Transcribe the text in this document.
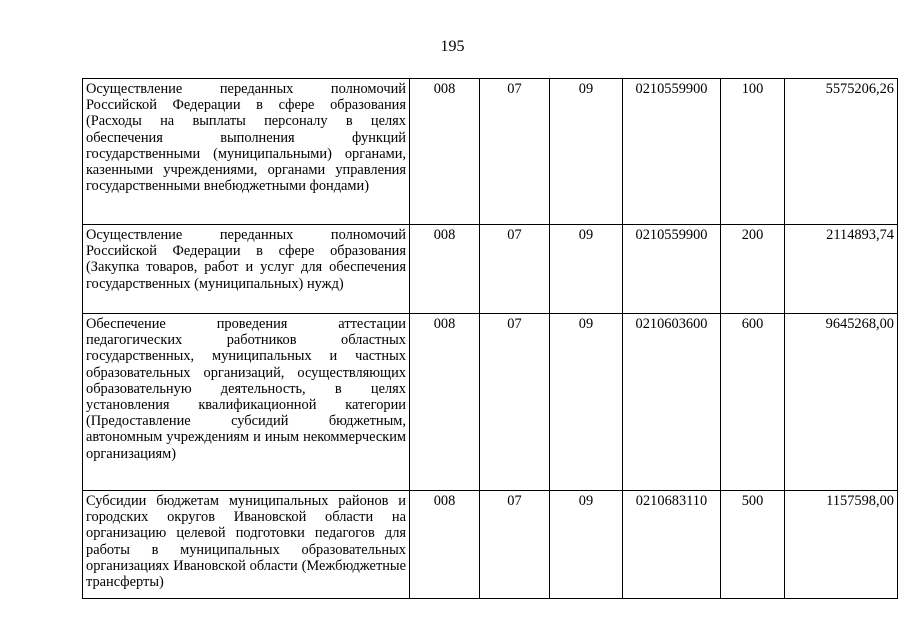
195
Осуществление переданных полномочий Российской Федерации в сфере образования (Расходы на выплаты персоналу в целях обеспечения выполнения функций государственными (муниципальными) органами, казенными учреждениями, органами управления государственными внебюджетными фондами)	008	07	09	0210559900	100	5575206,26
Осуществление переданных полномочий Российской Федерации в сфере образования (Закупка товаров, работ и услуг для обеспечения государственных (муниципальных) нужд)	008	07	09	0210559900	200	2114893,74
Обеспечение проведения аттестации педагогических работников областных государственных, муниципальных и частных образовательных организаций, осуществляющих образовательную деятельность, в целях установления квалификационной категории (Предоставление субсидий бюджетным, автономным учреждениям и иным некоммерческим организациям)	008	07	09	0210603600	600	9645268,00
Субсидии бюджетам муниципальных районов и городских округов Ивановской области на организацию целевой подготовки педагогов для работы в муниципальных образовательных организациях Ивановской области (Межбюджетные трансферты)	008	07	09	0210683110	500	1157598,00
